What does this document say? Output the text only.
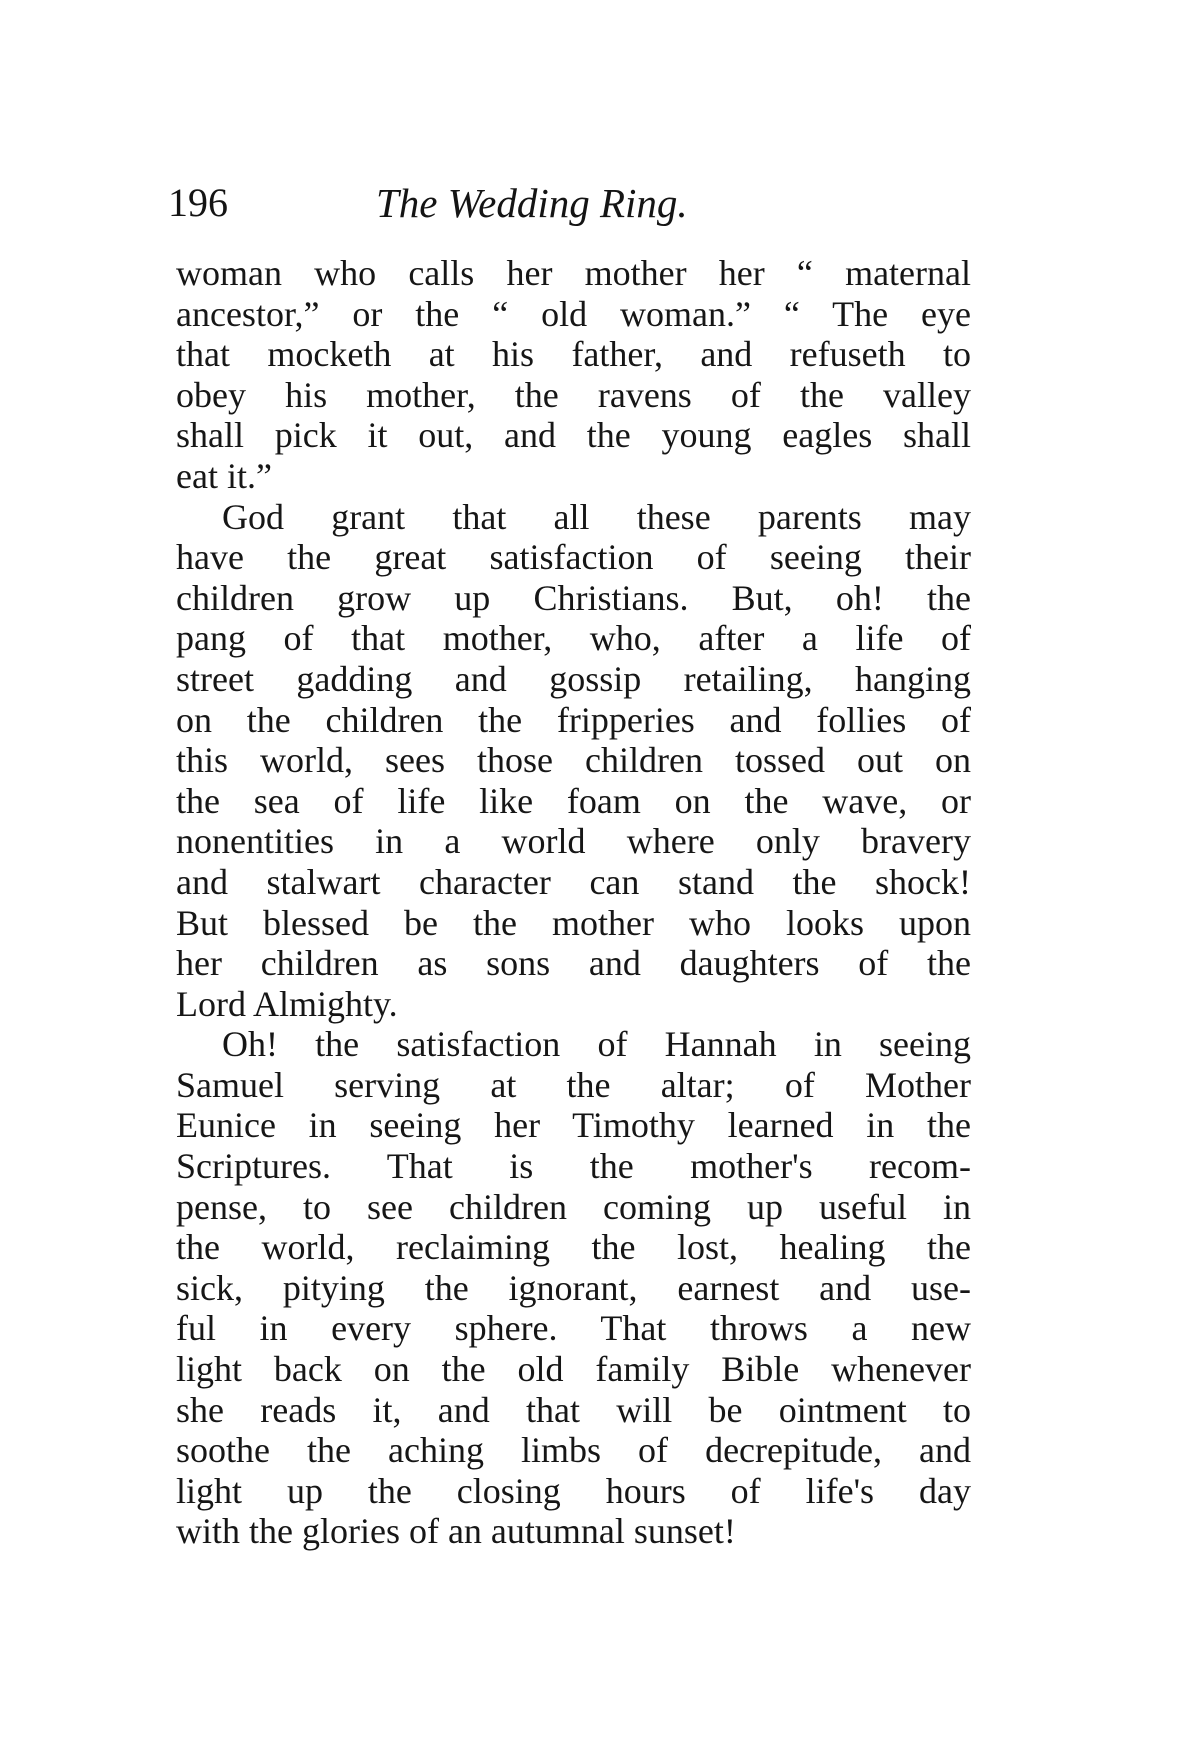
196	The Wedding Ring.
woman who calls her mother her “ maternal
ancestor,” or the “ old woman.” “ The eye
that mocketh at his father, and refuseth to
obey his mother, the ravens of the valley
shall pick it out, and the young eagles shall
eat it.”
God grant that all these parents may
have the great satisfaction of seeing their
children grow up Christians. But, oh! the
pang of that mother, who, after a life of
street gadding and gossip retailing, hanging
on the children the fripperies and follies of
this world, sees those children tossed out on
the sea of life like foam on the wave, or
nonentities in a world where only bravery
and stalwart character can stand the shock!
But blessed be the mother who looks upon
her children as sons and daughters of the
Lord Almighty.
Oh! the satisfaction of Hannah in seeing
Samuel serving at the altar; of Mother
Eunice in seeing her Timothy learned in the
Scriptures. That is the mother's recom-
pense, to see children coming up useful in
the world, reclaiming the lost, healing the
sick, pitying the ignorant, earnest and use-
ful in every sphere. That throws a new
light back on the old family Bible whenever
she reads it, and that will be ointment to
soothe the aching limbs of decrepitude, and
light up the closing hours of life's day
with the glories of an autumnal sunset!
